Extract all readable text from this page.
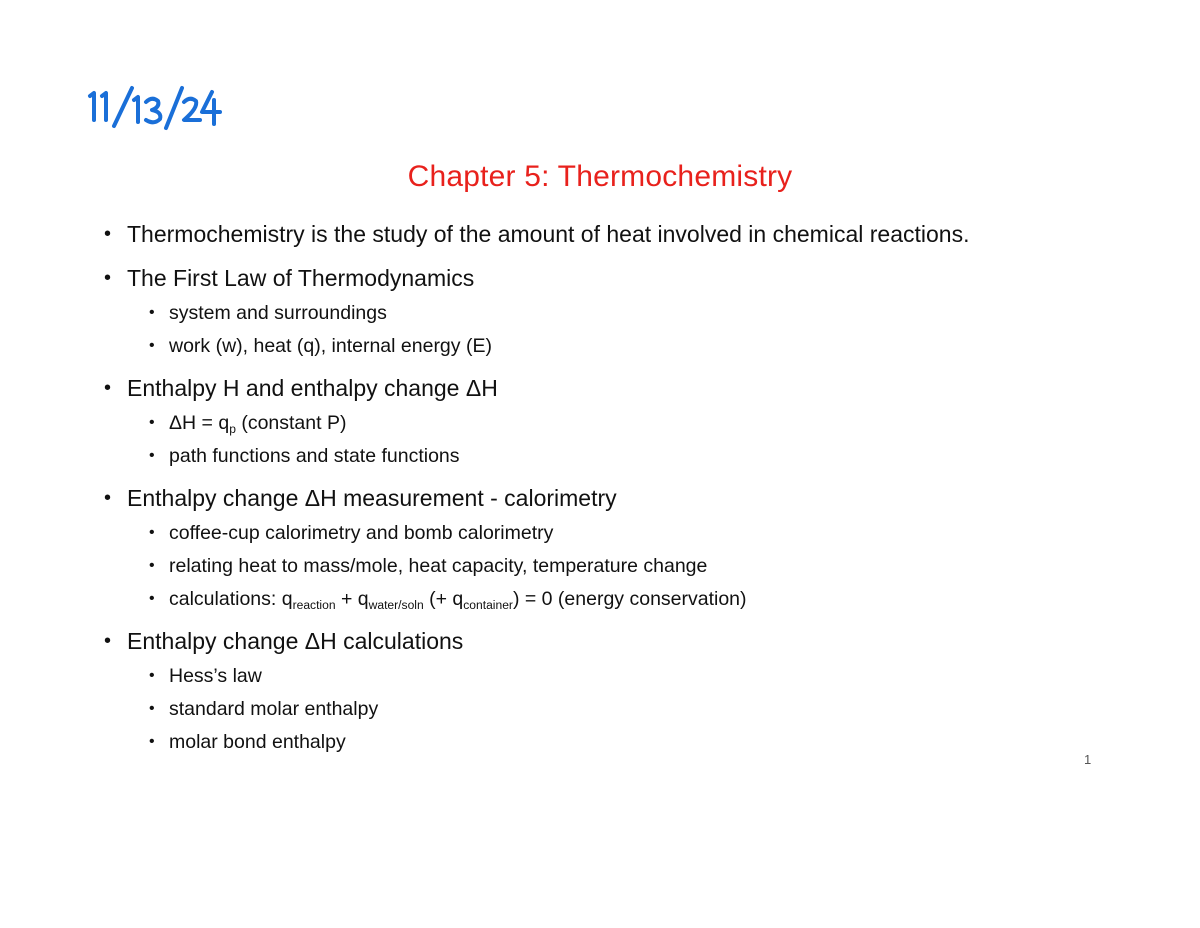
Chapter 5: Thermochemistry
• Thermochemistry is the study of the amount of heat involved in chemical reactions.
• The First Law of Thermodynamics
• system and surroundings
• work (w), heat (q), internal energy (E)
• Enthalpy H and enthalpy change ΔH
• $\Delta H = q_p$ (constant P)
• path functions and state functions
• Enthalpy change ΔH measurement - calorimetry
• coffee-cup calorimetry and bomb calorimetry
• relating heat to mass/mole, heat capacity, temperature change
• calculations: $q_{reaction} + q_{water/soln}$ (+ $q_{container}) = 0$ (energy conservation)
• Enthalpy change ΔH calculations
• Hess’s law
• standard molar enthalpy
• molar bond enthalpy
1
